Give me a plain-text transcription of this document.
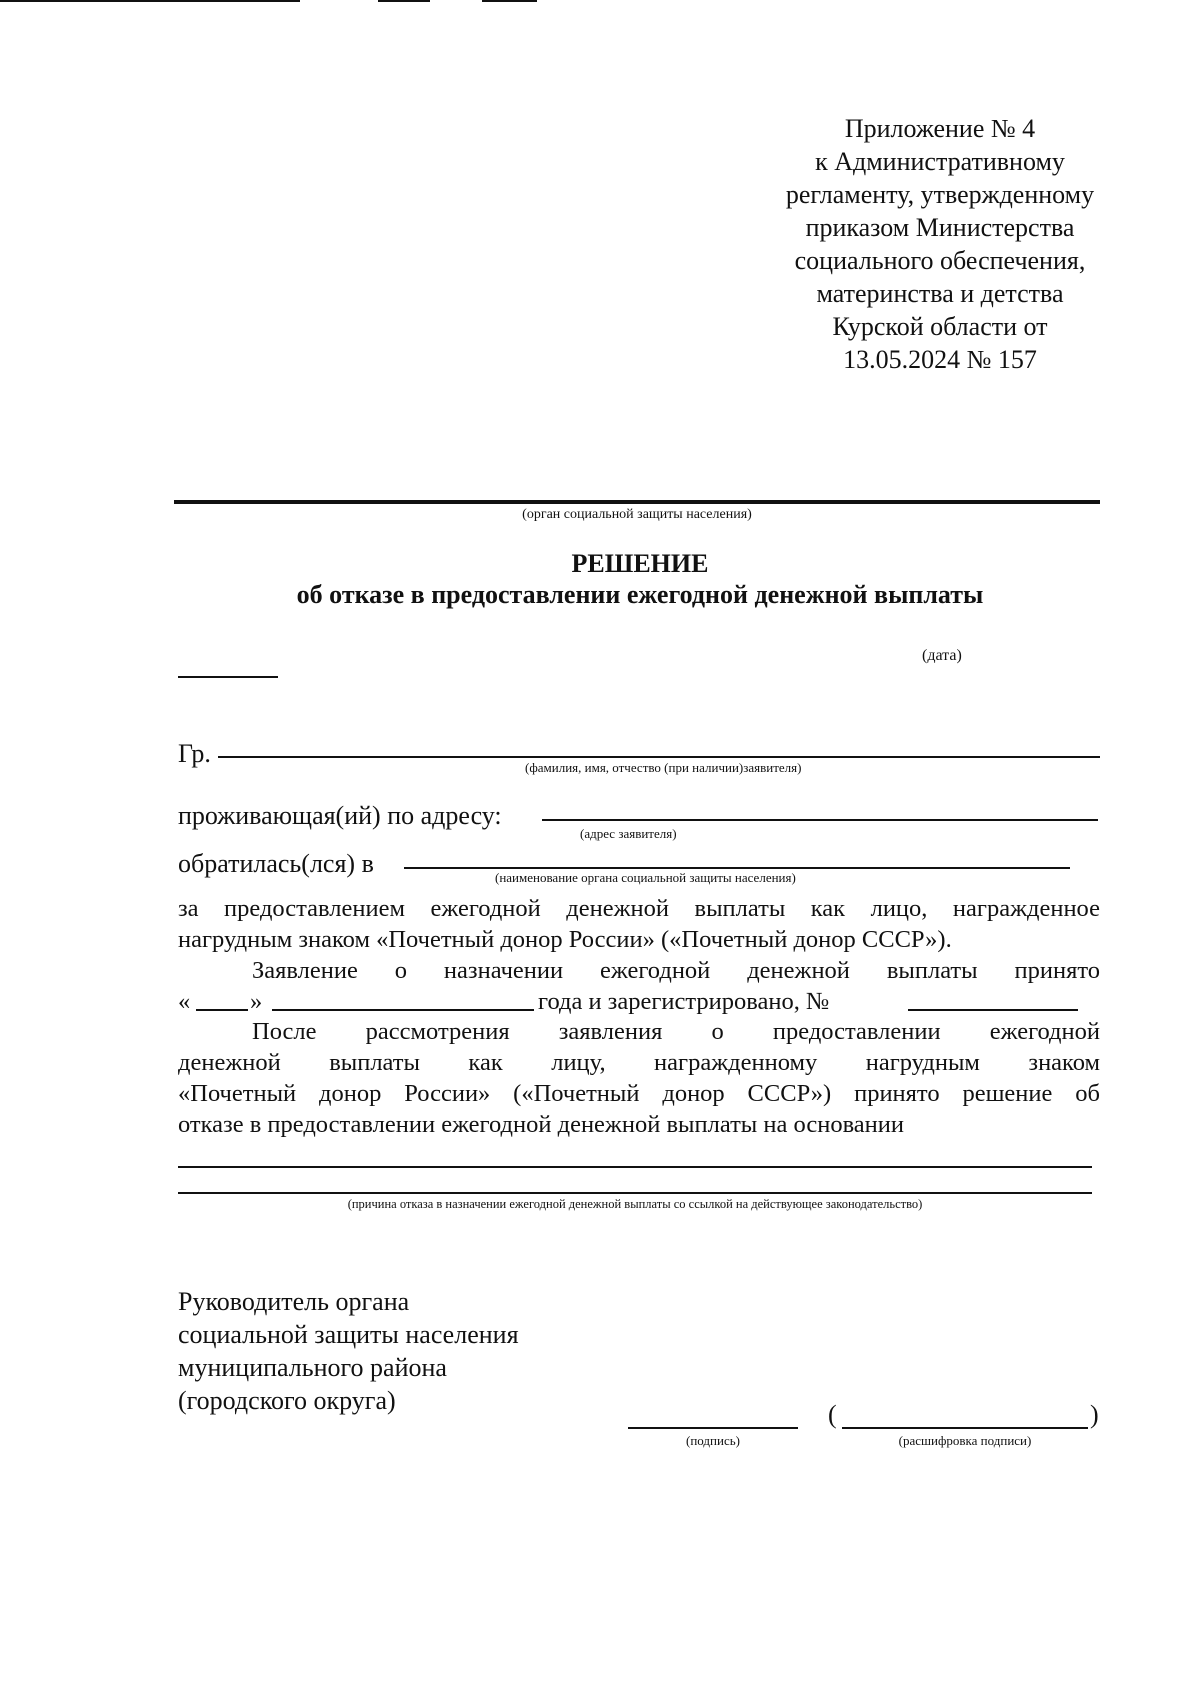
Приложение № 4
к Административному
регламенту, утвержденному
приказом Министерства
социального обеспечения,
материнства и детства
Курской области от
13.05.2024 № 157
(орган социальной защиты населения)
РЕШЕНИЕ
об отказе в предоставлении ежегодной денежной выплаты
(дата)
Гр.	(фамилия, имя, отчество (при наличии)заявителя)
проживающая(ий) по адресу:
(адрес заявителя)
обратилась(лся) в	(наименование органа социальной защиты населения)
за предоставлением ежегодной денежной выплаты как лицо, награжденное
нагрудным знаком «Почетный донор России» («Почетный донор СССР»).
Заявление о назначении ежегодной денежной выплаты принято
« »	года и зарегистрировано, №
После рассмотрения заявления о предоставлении ежегодной
денежной выплаты как лицу, награжденному нагрудным знаком
«Почетный донор России» («Почетный донор СССР») принято решение об
отказе в предоставлении ежегодной денежной выплаты на основании
(причина отказа в назначении ежегодной денежной выплаты со ссылкой на действующее законодательство)
Руководитель органа
социальной защиты населения
муниципального района
(городского округа)
(подпись)
(	)
(расшифровка подписи)
